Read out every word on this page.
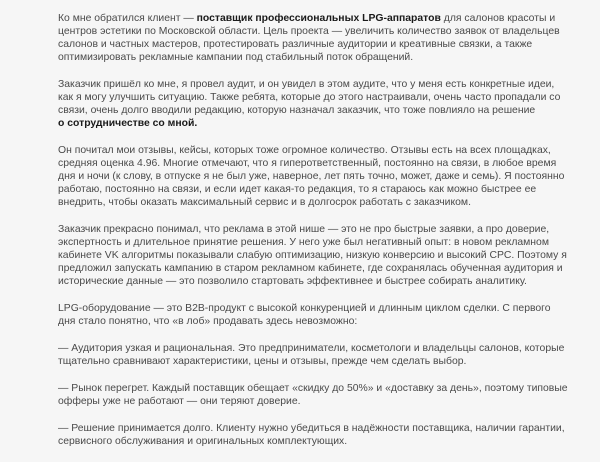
Ко мне обратился клиент — поставщик профессиональных LPG-аппаратов для салонов красоты и центров эстетики по Московской области. Цель проекта — увеличить количество заявок от владельцев салонов и частных мастеров, протестировать различные аудитории и креативные связки, а также оптимизировать рекламные кампании под стабильный поток обращений.

Заказчик пришёл ко мне, я провел аудит, и он увидел в этом аудите, что у меня есть конкретные идеи, как я могу улучшить ситуацию. Также ребята, которые до этого настраивали, очень часто пропадали со связи, очень долго вводили редакцию, которую назначал заказчик, что тоже повлияло на решение
о сотрудничестве со мной.

Он почитал мои отзывы, кейсы, которых тоже огромное количество. Отзывы есть на всех площадках, средняя оценка 4.96. Многие отмечают, что я гиперответственный, постоянно на связи, в любое время дня и ночи (к слову, в отпуске я не был уже, наверное, лет пять точно, может, даже и семь). Я постоянно работаю, постоянно на связи, и если идет какая-то редакция, то я стараюсь как можно быстрее ее внедрить, чтобы оказать максимальный сервис и в долгосрок работать с заказчиком.

Заказчик прекрасно понимал, что реклама в этой нише — это не про быстрые заявки, а про доверие, экспертность и длительное принятие решения. У него уже был негативный опыт: в новом рекламном кабинете VK алгоритмы показывали слабую оптимизацию, низкую конверсию и высокий CPC. Поэтому я предложил запускать кампанию в старом рекламном кабинете, где сохранялась обученная аудитория и исторические данные — это позволило стартовать эффективнее и быстрее собирать аналитику.

LPG-оборудование — это B2B-продукт с высокой конкуренцией и длинным циклом сделки. С первого дня стало понятно, что «в лоб» продавать здесь невозможно:

— Аудитория узкая и рациональная. Это предприниматели, косметологи и владельцы салонов, которые тщательно сравнивают характеристики, цены и отзывы, прежде чем сделать выбор.

— Рынок перегрет. Каждый поставщик обещает «скидку до 50%» и «доставку за день», поэтому типовые офферы уже не работают — они теряют доверие.

— Решение принимается долго. Клиенту нужно убедиться в надёжности поставщика, наличии гарантии, сервисного обслуживания и оригинальных комплектующих.
